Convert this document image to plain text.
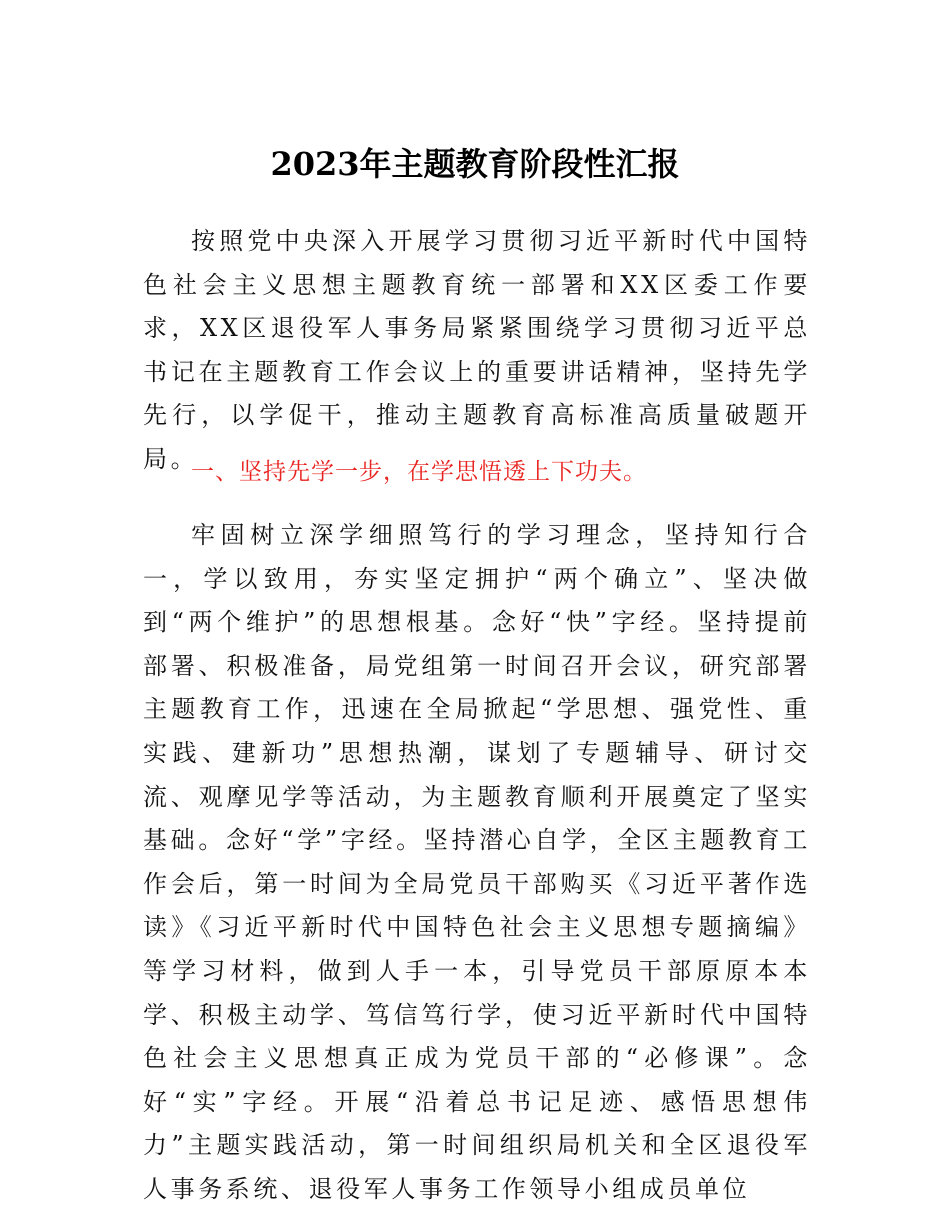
2023年主题教育阶段性汇报

按照党中央深入开展学习贯彻习近平新时代中国特色社会主义思想主题教育统一部署和XX区委工作要求，XX区退役军人事务局紧紧围绕学习贯彻习近平总书记在主题教育工作会议上的重要讲话精神，坚持先学先行，以学促干，推动主题教育高标准高质量破题开局。

一、坚持先学一步，在学思悟透上下功夫。

牢固树立深学细照笃行的学习理念，坚持知行合一，学以致用，夯实坚定拥护“两个确立”、坚决做到“两个维护”的思想根基。念好“快”字经。坚持提前部署、积极准备，局党组第一时间召开会议，研究部署主题教育工作，迅速在全局掀起“学思想、强党性、重实践、建新功”思想热潮，谋划了专题辅导、研讨交流、观摩见学等活动，为主题教育顺利开展奠定了坚实基础。念好“学”字经。坚持潜心自学，全区主题教育工作会后，第一时间为全局党员干部购买《习近平著作选读》《习近平新时代中国特色社会主义思想专题摘编》等学习材料，做到人手一本，引导党员干部原原本本学、积极主动学、笃信笃行学，使习近平新时代中国特色社会主义思想真正成为党员干部的“必修课”。念好“实”字经。开展“沿着总书记足迹、感悟思想伟力”主题实践活动，第一时间组织局机关和全区退役军人事务系统、退役军人事务工作领导小组成员单位
